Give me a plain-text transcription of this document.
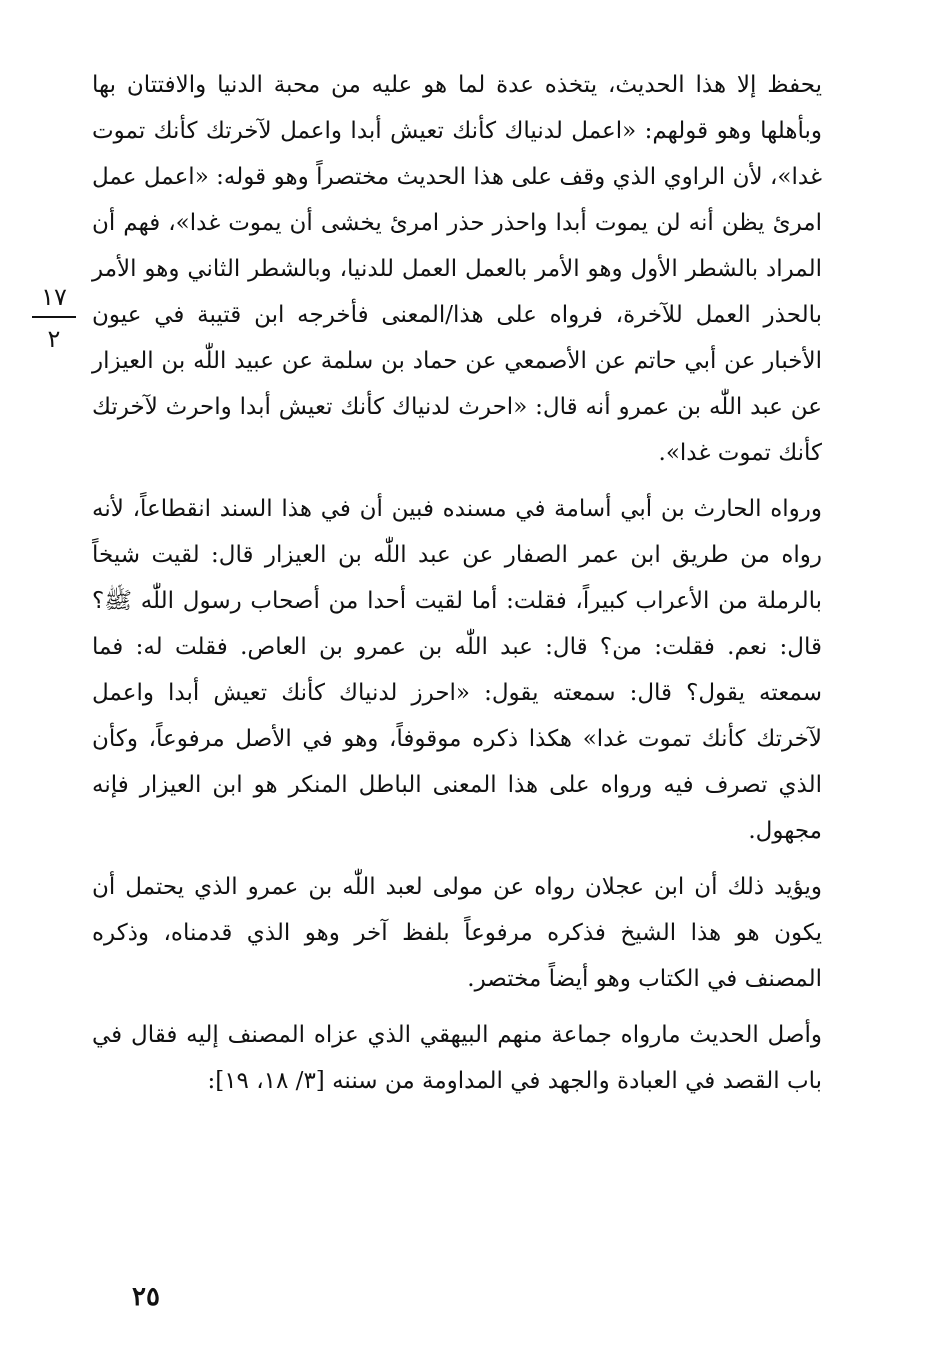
يحفظ إلا هذا الحديث، يتخذه عدة لما هو عليه من محبة الدنيا والافتتان بها وبأهلها وهو قولهم: «اعمل لدنياك كأنك تعيش أبدا واعمل لآخرتك كأنك تموت غدا»، لأن الراوي الذي وقف على هذا الحديث مختصراً وهو قوله: «اعمل عمل امرئ يظن أنه لن يموت أبدا واحذر حذر امرئ يخشى أن يموت غدا»، فهم أن المراد بالشطر الأول وهو الأمر بالعمل العمل للدنيا، وبالشطر الثاني وهو الأمر بالحذر العمل للآخرة، فرواه على هذا/المعنى فأخرجه ابن قتيبة في عيون الأخبار عن أبي حاتم عن الأصمعي عن حماد بن سلمة عن عبيد اللّٰه بن العيزار عن عبد اللّٰه بن عمرو أنه قال: «احرث لدنياك كأنك تعيش أبدا واحرث لآخرتك كأنك تموت غدا».

ورواه الحارث بن أبي أسامة في مسنده فبين أن في هذا السند انقطاعاً، لأنه رواه من طريق ابن عمر الصفار عن عبد اللّٰه بن العيزار قال: لقيت شيخاً بالرملة من الأعراب كبيراً، فقلت: أما لقيت أحدا من أصحاب رسول اللّٰه ﷺ؟ قال: نعم. فقلت: من؟ قال: عبد اللّٰه بن عمرو بن العاص. فقلت له: فما سمعته يقول؟ قال: سمعته يقول: «احرز لدنياك كأنك تعيش أبدا واعمل لآخرتك كأنك تموت غدا» هكذا ذكره موقوفاً، وهو في الأصل مرفوعاً، وكأن الذي تصرف فيه ورواه على هذا المعنى الباطل المنكر هو ابن العيزار فإنه مجهول.

ويؤيد ذلك أن ابن عجلان رواه عن مولى لعبد اللّٰه بن عمرو الذي يحتمل أن يكون هو هذا الشيخ فذكره مرفوعاً بلفظ آخر وهو الذي قدمناه، وذكره المصنف في الكتاب وهو أيضاً مختصر.

وأصل الحديث مارواه جماعة منهم البيهقي الذي عزاه المصنف إليه فقال في باب القصد في العبادة والجهد في المداومة من سننه [٣/ ١٨، ١٩]:

١٧
٢
٢٥
